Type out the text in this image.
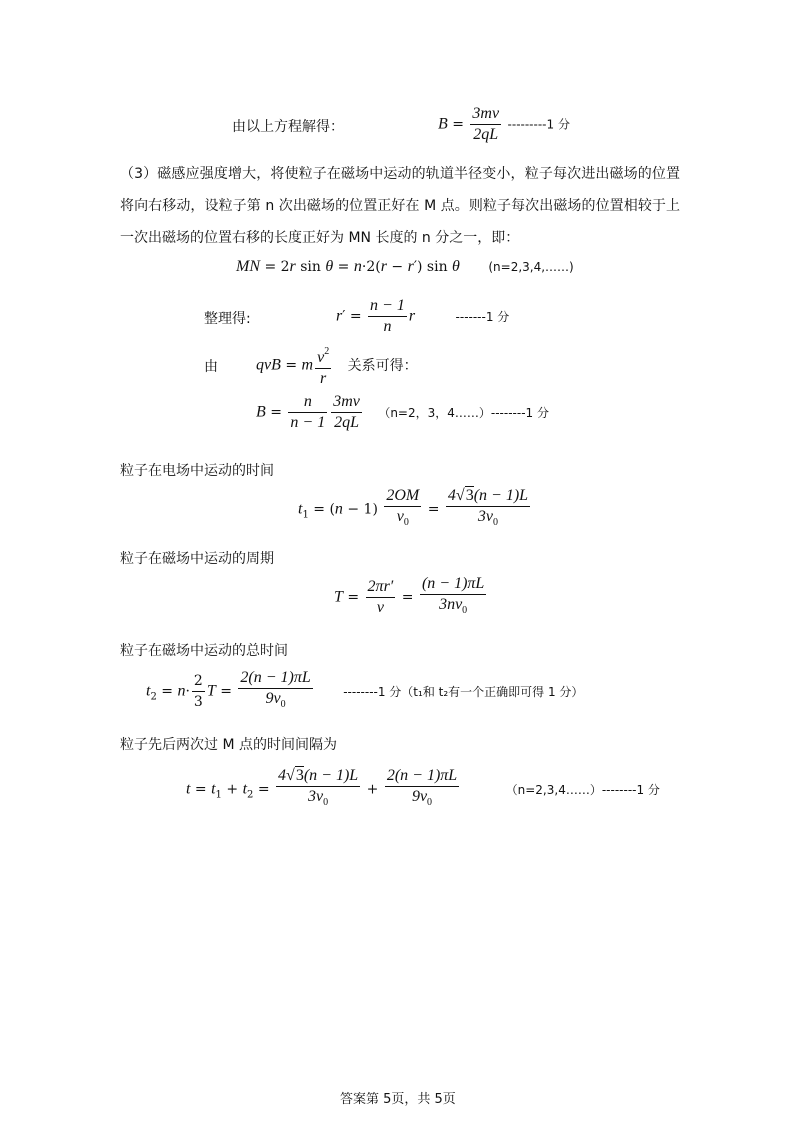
由以上方程解得：	$B = \frac{3mv}{2qL} ---------1$ 分
（3）磁感应强度增大，将使粒子在磁场中运动的轨道半径变小，粒子每次进出磁场的位置将向右移动，设粒子第 n 次出磁场的位置正好在 M 点。则粒子每次出磁场的位置相较于上一次出磁场的位置右移的长度正好为 MN 长度的 n 分之一，即：
MN = 2r sin θ = n·2(r − r′) sin θ (n=2,3,4,……)
整理得:	$r' = \frac{n - 1}{n}$ r	-------1 分
由 qvB = m $\frac{v^2}{r}$ 关系可得：
$B = \frac{n}{n - 1} \frac{3mv}{2qL} (n=2$，3，4……）--------1 分
粒子在电场中运动的时间
$t_1 = (n - 1) \frac{2OM}{v_0} = \frac{4√3(n - 1)L}{3v_0}$
粒子在磁场中运动的周期
$T = \frac{2\pi r'}{v} = \frac{(n - 1)\pi L}{3nv_0}$
粒子在磁场中运动的总时间
$t_2 = n\cdot \frac{2}{3}$ $T = \frac{2(n - 1)\pi L}{9v_0}$	--------1 分（t₁和 t₂有一个正确即可得 1 分）
粒子先后两次过 M 点的时间间隔为
$t = t_1 + t_2 = \frac{4√3(n - 1)L}{3v_0} + \frac{2(n - 1)\pi L}{9v_0}$	（n=2,3,4……）--------1 分
答案第 5页，共 5页
